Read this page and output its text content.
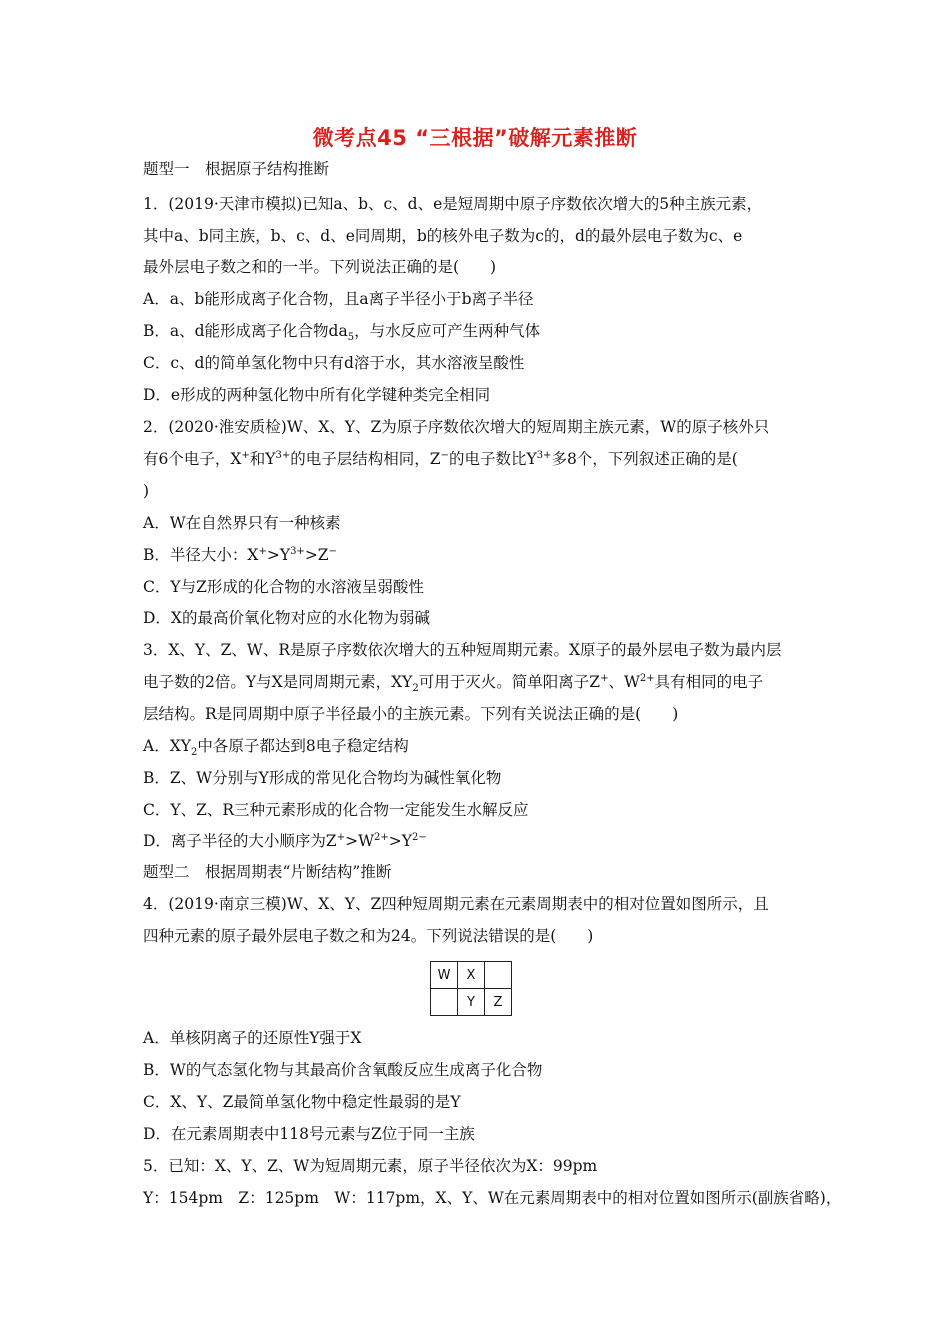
微考点45 “三根据”破解元素推断
题型一　根据原子结构推断
1．(2019·天津市模拟)已知a、b、c、d、e是短周期中原子序数依次增大的5种主族元素，
其中a、b同主族，b、c、d、e同周期，b的核外电子数为c的，d的最外层电子数为c、e
最外层电子数之和的一半。下列说法正确的是(　　)
A．a、b能形成离子化合物，且a离子半径小于b离子半径
B．a、d能形成离子化合物$da_5$，与水反应可产生两种气体
C．c、d的简单氢化物中只有d溶于水，其水溶液呈酸性
D．e形成的两种氢化物中所有化学键种类完全相同
2．(2020·淮安质检)W、X、Y、Z为原子序数依次增大的短周期主族元素，W的原子核外只
有6个电子，X+和$Y^{3+}$的电子层结构相同，Z−的电子数比$Y^{3+}$多8个，下列叙述正确的是(
)
A．W在自然界只有一种核素
B．半径大小：$X^+>Y^{3+}>Z^-$
C．Y与Z形成的化合物的水溶液呈弱酸性
D．X的最高价氧化物对应的水化物为弱碱
3．X、Y、Z、W、R是原子序数依次增大的五种短周期元素。X原子的最外层电子数为最内层
电子数的2倍。Y与X是同周期元素，$XY_2$可用于灭火。简单阳离子Z+、$W^{2+}$具有相同的电子
层结构。R是同周期中原子半径最小的主族元素。下列有关说法正确的是(　　)
A．$XY_2$中各原子都达到8电子稳定结构
B．Z、W分别与Y形成的常见化合物均为碱性氧化物
C．Y、Z、R三种元素形成的化合物一定能发生水解反应
D．离子半径的大小顺序为$Z^+>W^{2+}>Y^{2-}$
题型二　根据周期表“片断结构”推断
4．(2019·南京三模)W、X、Y、Z四种短周期元素在元素周期表中的相对位置如图所示，且
四种元素的原子最外层电子数之和为24。下列说法错误的是(　　)
W	X	
	Y	Z
A．单核阴离子的还原性Y强于X
B．W的气态氢化物与其最高价含氧酸反应生成离子化合物
C．X、Y、Z最简单氢化物中稳定性最弱的是Y
D．在元素周期表中118号元素与Z位于同一主族
5．已知：X、Y、Z、W为短周期元素，原子半径依次为X：99pm
Y：154pm　Z：125pm　W：117pm，X、Y、W在元素周期表中的相对位置如图所示(副族省略)，
